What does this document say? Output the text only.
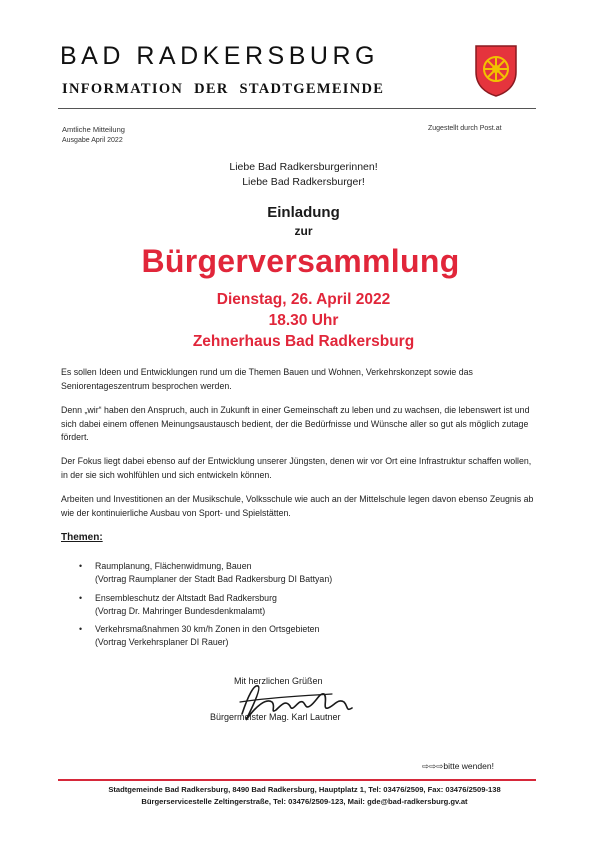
BAD RADKERSBURG
INFORMATION DER STADTGEMEINDE
Amtliche Mitteilung
Ausgabe April 2022
Zugestellt durch Post.at
Liebe Bad Radkersburgerinnen!
Liebe Bad Radkersburger!
Einladung
zur
Bürgerversammlung
Dienstag, 26. April 2022
18.30 Uhr
Zehnerhaus Bad Radkersburg
Es sollen Ideen und Entwicklungen rund um die Themen Bauen und Wohnen, Verkehrskonzept sowie das Seniorentageszentrum besprochen werden.
Denn „wir“ haben den Anspruch, auch in Zukunft in einer Gemeinschaft zu leben und zu wachsen, die lebenswert ist und sich dabei einem offenen Meinungsaustausch bedient, der die Bedürfnisse und Wünsche aller so gut als möglich zutage fördert.
Der Fokus liegt dabei ebenso auf der Entwicklung unserer Jüngsten, denen wir vor Ort eine Infrastruktur schaffen wollen, in der sie sich wohlfühlen und sich entwickeln können.
Arbeiten und Investitionen an der Musikschule, Volksschule wie auch an der Mittelschule legen davon ebenso Zeugnis ab wie der kontinuierliche Ausbau von Sport- und Spielstätten.
Themen:
• Raumplanung, Flächenwidmung, Bauen
(Vortrag Raumplaner der Stadt Bad Radkersburg DI Battyan)
• Ensembleschutz der Altstadt Bad Radkersburg
(Vortrag Dr. Mahringer Bundesdenkmalamt)
• Verkehrsmaßnahmen 30 km/h Zonen in den Ortsgebieten
(Vortrag Verkehrsplaner DI Rauer)
Mit herzlichen Grüßen
Bürgermeister Mag. Karl Lautner
⇨⇨⇨bitte wenden!
Stadtgemeinde Bad Radkersburg, 8490 Bad Radkersburg, Hauptplatz 1, Tel: 03476/2509, Fax: 03476/2509-138
Bürgerservicestelle Zeltingerstraße, Tel: 03476/2509-123, Mail: gde@bad-radkersburg.gv.at
